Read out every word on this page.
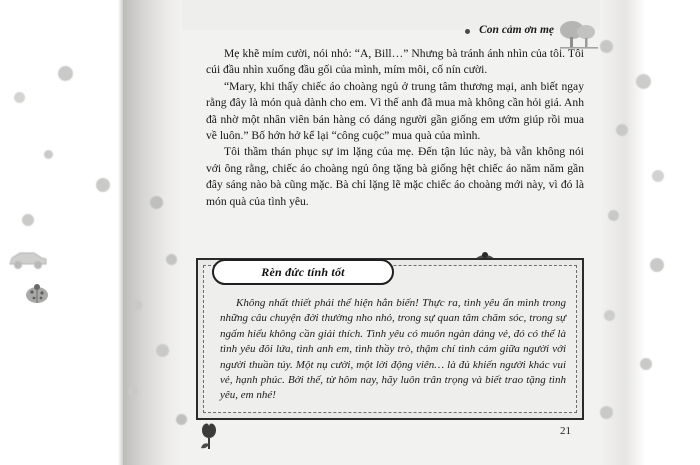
Con cảm ơn mẹ

Mẹ khẽ mỉm cười, nói nhỏ: “A, Bill…” Nhưng bà tránh ánh nhìn của tôi. Tôi cúi đầu nhìn xuống đầu gối của mình, mím môi, cố nín cười.

“Mary, khi thấy chiếc áo choàng ngủ ở trung tâm thương mại, anh biết ngay rằng đây là món quà dành cho em. Vì thế anh đã mua mà không cần hỏi giá. Anh đã nhờ một nhân viên bán hàng có dáng người gần giống em ướm giúp rồi mua về luôn.” Bố hớn hở kể lại “công cuộc” mua quà của mình.

Tôi thầm thán phục sự im lặng của mẹ. Đến tận lúc này, bà vẫn không nói với ông rằng, chiếc áo choàng ngủ ông tặng bà giống hệt chiếc áo năm năm gần đây sáng nào bà cũng mặc. Bà chỉ lặng lẽ mặc chiếc áo choàng mới này, vì đó là món quà của tình yêu.

Rèn đức tính tốt

Không nhất thiết phải thể hiện hẳn biến! Thực ra, tình yêu ẩn mình trong những câu chuyện đời thường nho nhỏ, trong sự quan tâm chăm sóc, trong sự ngấm hiểu không cần giải thích. Tình yêu có muôn ngàn dáng vẻ, đó có thể là tình yêu đôi lứa, tình anh em, tình thầy trò, thậm chí tình cảm giữa người với người thuần túy. Một nụ cười, một lời động viên… là đủ khiến người khác vui vẻ, hạnh phúc. Bởi thế, từ hôm nay, hãy luôn trân trọng và biết trao tặng tình yêu, em nhé!

21
